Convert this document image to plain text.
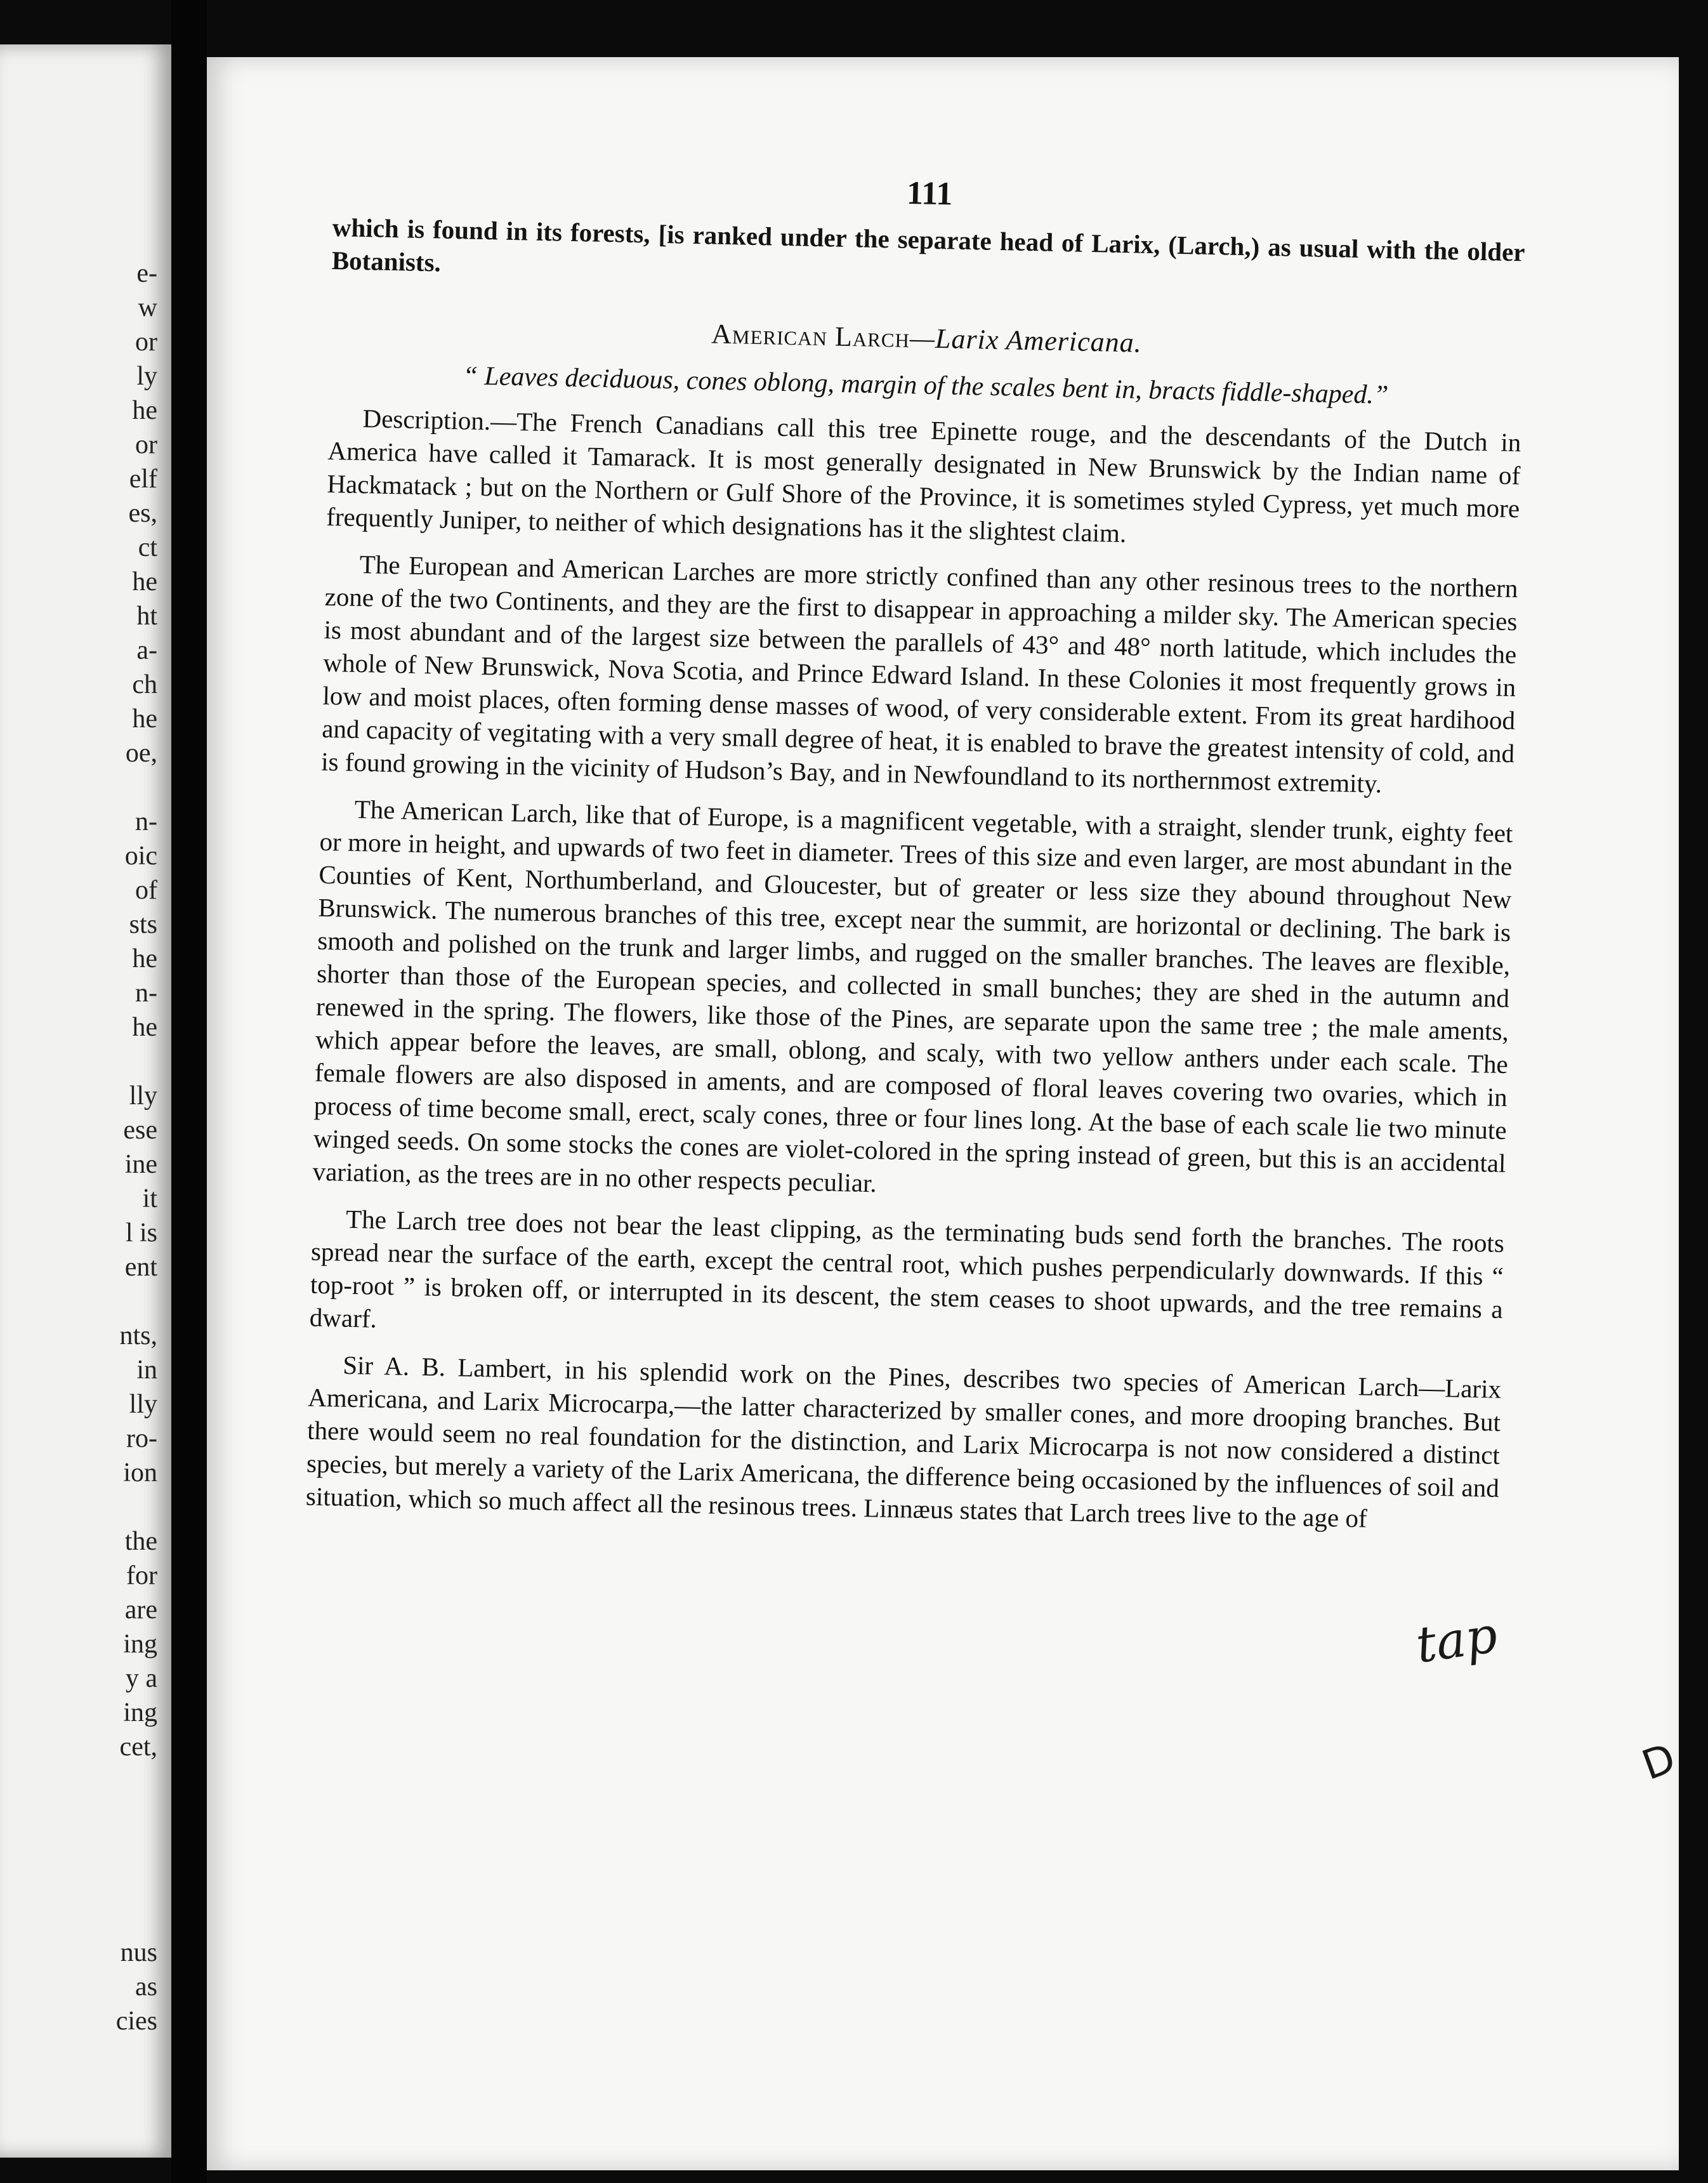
e-
w
or
ly
he
or
elf
es,
ct
he
ht
a-
ch
he
oe,
n-
oic
of
sts
he
n-
he
lly
ese
ine
it
l is
ent
nts,
in
lly
ro-
ion
the
for
are
ing
y a
ing
cet,
nus
as
cies
111

which is found in its forests, [is ranked under the separate head of Larix, (Larch,) as usual with the older Botanists.

American Larch—Larix Americana.
“ Leaves deciduous, cones oblong, margin of the scales bent in, bracts fiddle-shaped.”

Description.—The French Canadians call this tree Epinette rouge, and the descendants of the Dutch in America have called it Tamarack. It is most generally designated in New Brunswick by the Indian name of Hackmatack ; but on the Northern or Gulf Shore of the Province, it is sometimes styled Cypress, yet much more frequently Juniper, to neither of which designations has it the slightest claim.

The European and American Larches are more strictly confined than any other resinous trees to the northern zone of the two Continents, and they are the first to disappear in approaching a milder sky. The American species is most abundant and of the largest size between the parallels of 43° and 48° north latitude, which includes the whole of New Brunswick, Nova Scotia, and Prince Edward Island. In these Colonies it most frequently grows in low and moist places, often forming dense masses of wood, of very considerable extent. From its great hardihood and capacity of vegitating with a very small degree of heat, it is enabled to brave the greatest intensity of cold, and is found growing in the vicinity of Hudson’s Bay, and in Newfoundland to its northernmost extremity.

The American Larch, like that of Europe, is a magnificent vegetable, with a straight, slender trunk, eighty feet or more in height, and upwards of two feet in diameter. Trees of this size and even larger, are most abundant in the Counties of Kent, Northumberland, and Gloucester, but of greater or less size they abound throughout New Brunswick. The numerous branches of this tree, except near the summit, are horizontal or declining. The bark is smooth and polished on the trunk and larger limbs, and rugged on the smaller branches. The leaves are flexible, shorter than those of the European species, and collected in small bunches; they are shed in the autumn and renewed in the spring. The flowers, like those of the Pines, are separate upon the same tree ; the male aments, which appear before the leaves, are small, oblong, and scaly, with two yellow anthers under each scale. The female flowers are also disposed in aments, and are composed of floral leaves covering two ovaries, which in process of time become small, erect, scaly cones, three or four lines long. At the base of each scale lie two minute winged seeds. On some stocks the cones are violet-colored in the spring instead of green, but this is an accidental variation, as the trees are in no other respects peculiar.

The Larch tree does not bear the least clipping, as the terminating buds send forth the branches. The roots spread near the surface of the earth, except the central root, which pushes perpendicularly downwards. If this “ top-root ” is broken off, or interrupted in its descent, the stem ceases to shoot upwards, and the tree remains a dwarf.

Sir A. B. Lambert, in his splendid work on the Pines, describes two species of American Larch—Larix Americana, and Larix Microcarpa,—the latter characterized by smaller cones, and more drooping branches. But there would seem no real foundation for the distinction, and Larix Microcarpa is not now considered a distinct species, but merely a variety of the Larix Americana, the difference being occasioned by the influences of soil and situation, which so much affect all the resinous trees. Linnæus states that Larch trees live to the age of

tap
D
